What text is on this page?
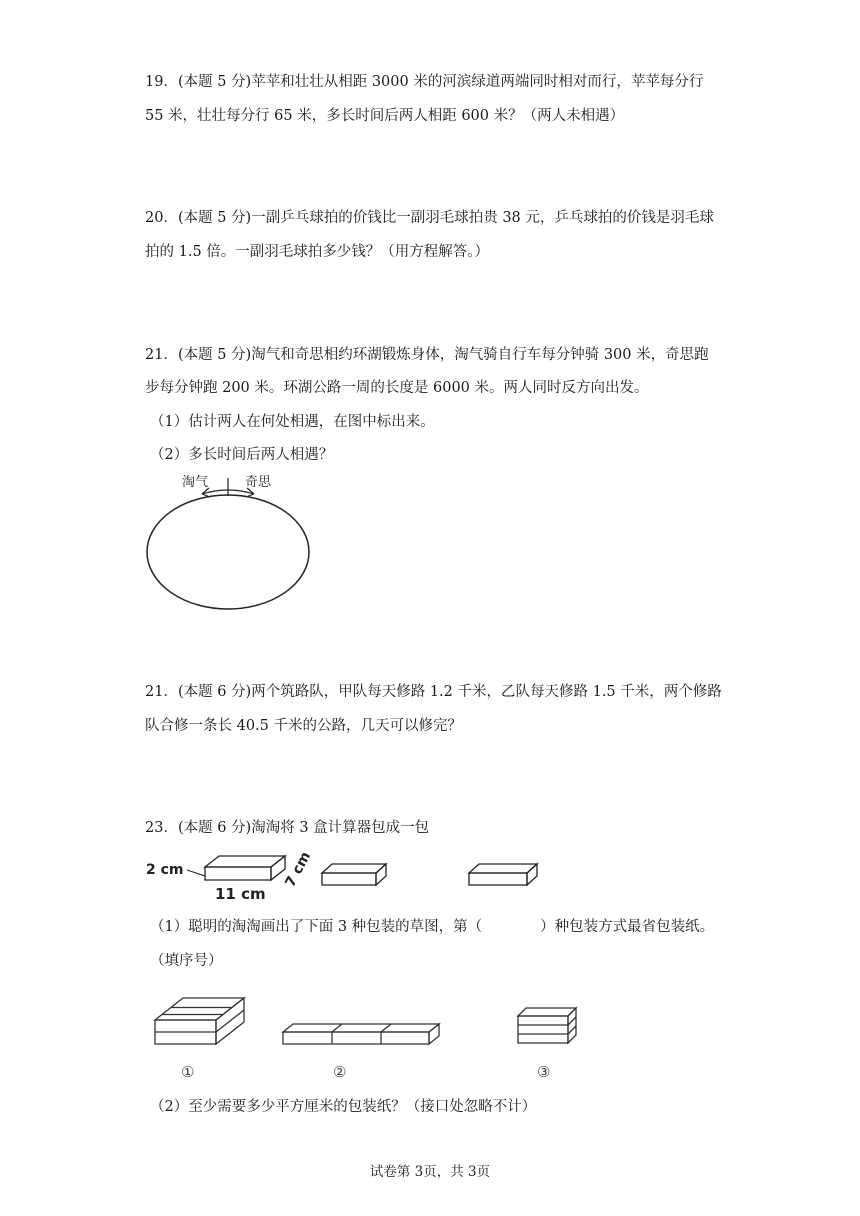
19．(本题 5 分)苹苹和壮壮从相距 3000 米的河滨绿道两端同时相对而行，苹苹每分行
55 米，壮壮每分行 65 米，多长时间后两人相距 600 米？（两人未相遇）
20．(本题 5 分)一副乒乓球拍的价钱比一副羽毛球拍贵 38 元，乒乓球拍的价钱是羽毛球
拍的 1.5 倍。一副羽毛球拍多少钱？（用方程解答。）
21．(本题 5 分)淘气和奇思相约环湖锻炼身体，淘气骑自行车每分钟骑 300 米，奇思跑
步每分钟跑 200 米。环湖公路一周的长度是 6000 米。两人同时反方向出发。
（1）估计两人在何处相遇，在图中标出来。
（2）多长时间后两人相遇？
淘气	奇思
21．(本题 6 分)两个筑路队，甲队每天修路 1.2 千米，乙队每天修路 1.5 千米，两个修路
队合修一条长 40.5 千米的公路，几天可以修完？
23．(本题 6 分)淘淘将 3 盒计算器包成一包
2 cm
11 cm
7 cm
（1）聪明的淘淘画出了下面 3 种包装的草图，第（　　　　）种包装方式最省包装纸。
（填序号）
①	②	③
（2）至少需要多少平方厘米的包装纸？（接口处忽略不计）
试卷第 3页，共 3页
